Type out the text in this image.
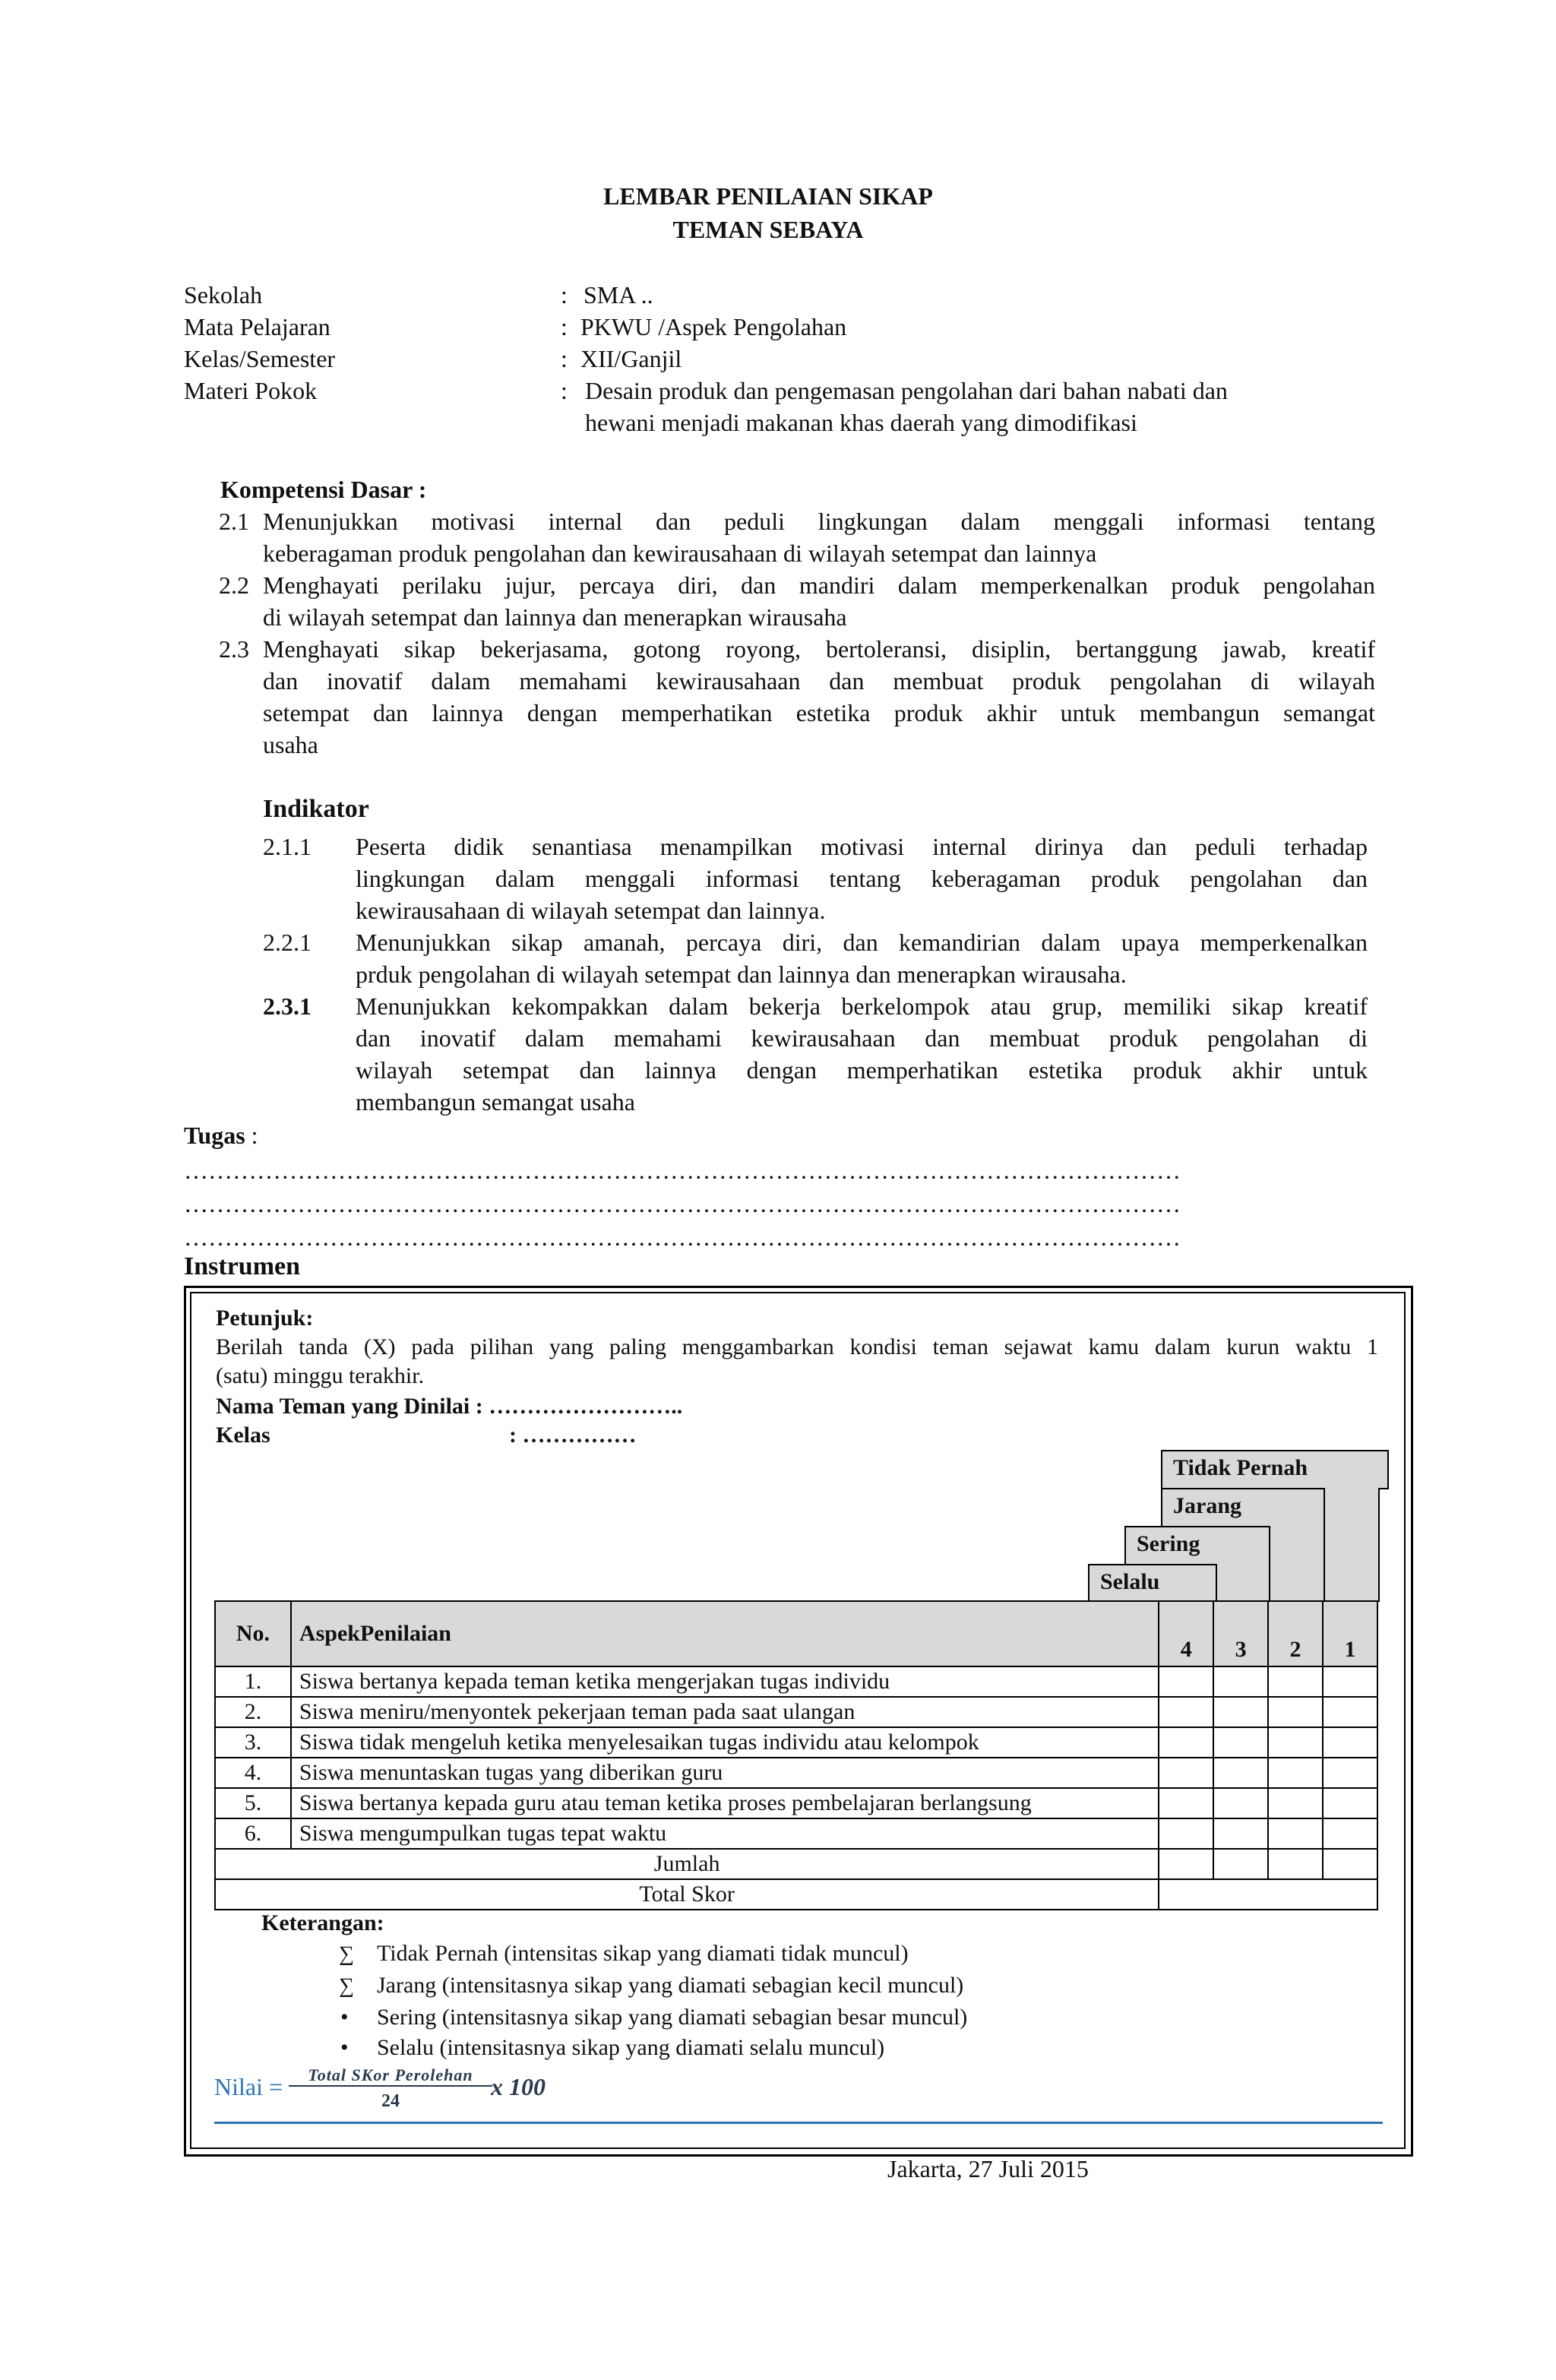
LEMBAR PENILAIAN SIKAP
TEMAN SEBAYA
Sekolah	: SMA ..
Mata Pelajaran	: PKWU /Aspek Pengolahan
Kelas/Semester	: XII/Ganjil
Materi Pokok	: Desain produk dan pengemasan pengolahan dari bahan nabati dan
hewani menjadi makanan khas daerah yang dimodifikasi
Kompetensi Dasar :
2.1 Menunjukkan motivasi internal dan peduli lingkungan dalam menggali informasi tentang
keberagaman produk pengolahan dan kewirausahaan di wilayah setempat dan lainnya
2.2 Menghayati perilaku jujur, percaya diri, dan mandiri dalam memperkenalkan produk pengolahan
di wilayah setempat dan lainnya dan menerapkan wirausaha
2.3 Menghayati sikap bekerjasama, gotong royong, bertoleransi, disiplin, bertanggung jawab, kreatif
dan inovatif dalam memahami kewirausahaan dan membuat produk pengolahan di wilayah
setempat dan lainnya dengan memperhatikan estetika produk akhir untuk membangun semangat
usaha
Indikator
2.1.1 Peserta didik senantiasa menampilkan motivasi internal dirinya dan peduli terhadap
lingkungan dalam menggali informasi tentang keberagaman produk pengolahan dan
kewirausahaan di wilayah setempat dan lainnya.
2.2.1 Menunjukkan sikap amanah, percaya diri, dan kemandirian dalam upaya memperkenalkan
prduk pengolahan di wilayah setempat dan lainnya dan menerapkan wirausaha.
2.3.1 Menunjukkan kekompakkan dalam bekerja berkelompok atau grup, memiliki sikap kreatif
dan inovatif dalam memahami kewirausahaan dan membuat produk pengolahan di
wilayah setempat dan lainnya dengan memperhatikan estetika produk akhir untuk
membangun semangat usaha
Tugas :
……………………………………………………………………………………………………………
……………………………………………………………………………………………………………
……………………………………………………………………………………………………………
Instrumen
Petunjuk:
Berilah tanda (X) pada pilihan yang paling menggambarkan kondisi teman sejawat kamu dalam kurun waktu 1
(satu) minggu terakhir.
Nama Teman yang Dinilai : ……………………..
Kelas	: ……………
Tidak Pernah
Jarang
Sering
Selalu
No.	AspekPenilaian	4	3	2	1
1.	Siswa bertanya kepada teman ketika mengerjakan tugas individu				
2.	Siswa meniru/menyontek pekerjaan teman pada saat ulangan				
3.	Siswa tidak mengeluh ketika menyelesaikan tugas individu atau kelompok				
4.	Siswa menuntaskan tugas yang diberikan guru				
5.	Siswa bertanya kepada guru atau teman ketika proses pembelajaran berlangsung				
6.	Siswa mengumpulkan tugas tepat waktu				
Jumlah					
Total Skor					
Keterangan:
∑ Tidak Pernah (intensitas sikap yang diamati tidak muncul)
∑ Jarang (intensitasnya sikap yang diamati sebagian kecil muncul)
• Sering (intensitasnya sikap yang diamati sebagian besar muncul)
• Selalu (intensitasnya sikap yang diamati selalu muncul)
Nilai =	Total SKor Perolehan
24
x 100
Jakarta, 27 Juli 2015
